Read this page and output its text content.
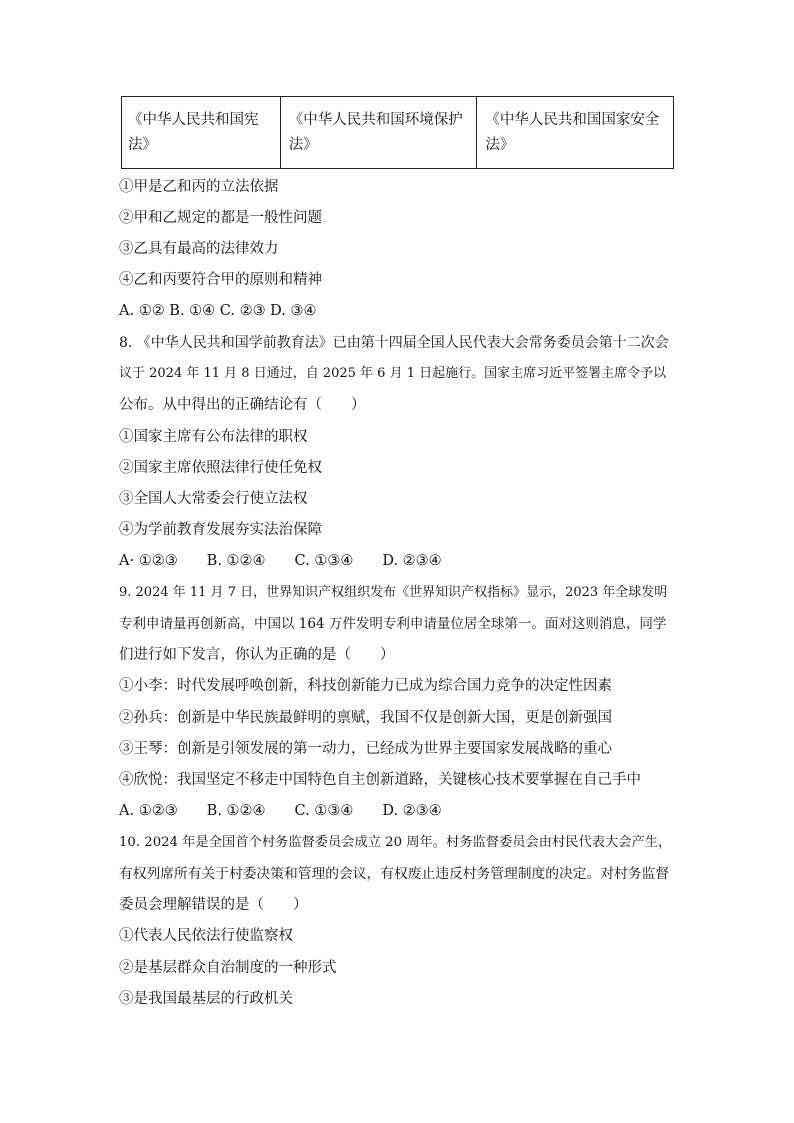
《中华人民共和国宪法》	《中华人民共和国环境保护法》	《中华人民共和国国家安全法》
①甲是乙和丙的立法依据
②甲和乙规定的都是一般性问题
③乙具有最高的法律效力
④乙和丙要符合甲的原则和精神
A. ①② B. ①④ C. ②③ D. ③④
8. 《中华人民共和国学前教育法》已由第十四届全国人民代表大会常务委员会第十二次会
议于 2024 年 11 月 8 日通过，自 2025 年 6 月 1 日起施行。国家主席习近平签署主席令予以
公布。从中得出的正确结论有（　　）
①国家主席有公布法律的职权
②国家主席依照法律行使任免权
③全国人大常委会行使立法权
④为学前教育发展夯实法治保障
A· ①②③　　B. ①②④　　C. ①③④　　D. ②③④
9. 2024 年 11 月 7 日，世界知识产权组织发布《世界知识产权指标》显示，2023 年全球发明
专利申请量再创新高，中国以 164 万件发明专利申请量位居全球第一。面对这则消息，同学
们进行如下发言，你认为正确的是（　　）
①小李：时代发展呼唤创新，科技创新能力已成为综合国力竞争的决定性因素
②孙兵：创新是中华民族最鲜明的禀赋，我国不仅是创新大国，更是创新强国
③王琴：创新是引领发展的第一动力，已经成为世界主要国家发展战略的重心
④欣悦：我国坚定不移走中国特色自主创新道路，关键核心技术要掌握在自己手中
A. ①②③　　B. ①②④　　C. ①③④　　D. ②③④
10. 2024 年是全国首个村务监督委员会成立 20 周年。村务监督委员会由村民代表大会产生，
有权列席所有关于村委决策和管理的会议，有权废止违反村务管理制度的决定。对村务监督
委员会理解错误的是（　　）
①代表人民依法行使监察权
②是基层群众自治制度的一种形式
③是我国最基层的行政机关
